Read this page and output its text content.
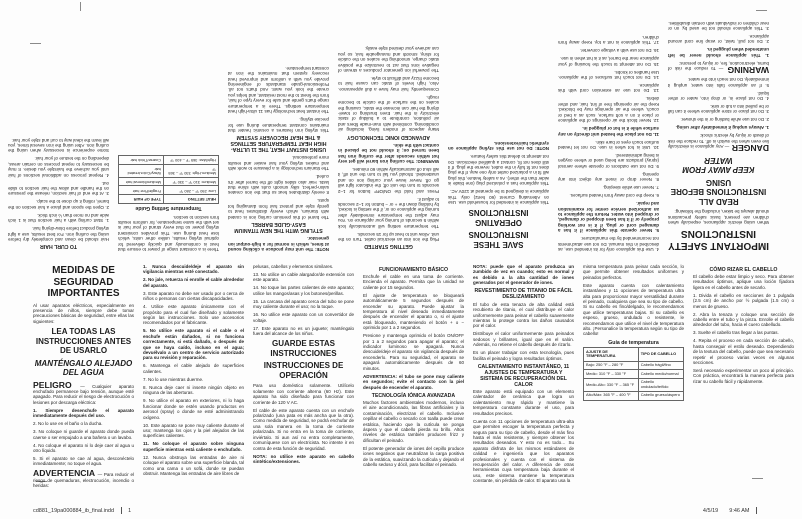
IMPORTANT SAFETY INSTRUCTIONS
When using electric appliances, especially when children are present, basic safety precautions should always be taken, including the following:
READ ALL INSTRUCTIONS BEFORE USING
KEEP AWAY FROM WATER
DANGER — Any appliance is electrically live even when the switch is off. To reduce the risk of death or injury by electric shock:
1. Always unplug it immediately after using.
2. Do not use while bathing or in the shower.
3. Do not place or store appliance where it can fall or be pulled into a tub or sink.
4. Do not place in, or drop into, water or other liquid.
5. If an appliance falls into water, unplug it immediately. Do not reach into the water.
WARNING — To reduce the risk of burns, electrocution, fire, or injury to persons:
1. This appliance should never be left unattended when plugged in.
2. Do not pull, twist, or wrap line cord around appliance.
3. This appliance should not be used by, on or near children or individuals with certain disabilities.
4. Use this appliance only for its intended use, as described in this manual. Do not use attachments not recommended by the manufacturer.
5. Never operate this appliance if it has a damaged cord or plug, if it is not working properly or if it has been dropped or damaged, or dropped into water. Return the appliance to an authorized service center for examination and repair.
6. Keep the cord away from heated surfaces.
7. Never use while sleeping.
8. Never drop or insert any object into any opening.
9. Do not use outdoors or operate where aerosol (spray) products are being used or where oxygen is being administered.
10. Unit is hot when in use. Do not let heated surface touch eyes or bare skin.
11. Do not place the heated unit directly on any surface while it is hot or plugged in.
12. Never block the air openings of the appliance or place it on a soft surface, such as a bed or couch, where the air openings may be blocked. Keep the air openings free of lint, hair, and other debris.
13. Do not use an extension cord with this appliance.
14. Do not touch hot surfaces of the appliance. Use handles or knobs.
15. Do not attempt to touch the housing of your appliance near the barrel, as it is hot when in use.
16. Do not use with a voltage converter.
17. This appliance is not a toy. Keep away from children.
SAVE THESE INSTRUCTIONS
OPERATING INSTRUCTIONS
This appliance is intended for household use. Use on Alternating Current (60 hertz) only. This appliance is designed to be operated at 120V AC.
This appliance has a polarized plug (one blade is wider than the other). As a safety feature, this plug will fit in a polarized outlet only one way. If the plug does not fit fully in the outlet, reverse the plug. If it still does not fit, contact a qualified electrician. Do not attempt to defeat this safety feature.
NOTE: Do not use this styling appliance on synthetic hair/extensions.
GETTING STARTED
Plug the iron into an electrical outlet. Turn on the unit. Allow unit to heat up for 15 seconds.
The temperature setting will automatically lock within 5 seconds of turning your appliance on. You may adjust the temperature immediately after turning the appliance on or, if the setting is locked, by holding down the + or − button for 1–2 seconds to adjust it.
Press and hold the ON/OFF button for 1–2 seconds to turn the unit off; the indicator light will go off. Never leave your curling iron on and unattended. Should you fail to turn the unit off, it will shut off automatically within 60 minutes.
WARNING: The curling iron barrel will get very hot within seconds after the curling iron has been turned on; it should not be placed in contact with the skin.
ADVANCED IONIC TECHNOLOGY
Many aspects of modern living, including air conditioning, combined with man-made fibers and air pollution, contribute to a buildup of static electricity in the hair. Even brushing or towel-drying the hair can increase the static, causing the scales on the surface of the cuticle to become rough.
Consequently, hair may have a dull appearance. Also, high levels of static can cause hair to become frizzy and difficult to style.
The powerful ion generator produces a stream of negative ions that act to neutralize the positive static charge, smoothing the scales on the cuticle for shiny, smooth and manageable hair, so you can achieve your desired style easily.
NOTE: The unit may produce a clicking sound at times, which is normal for a high-output ion generator.
STYLING WITH THE NEW TITANIUM EASY-GLIDE BARREL
The barrel of this premium curling iron is coated with titanium, which evenly distributes heat to gently style and protect hair from damaging hot spots.
It evenly distributes heat so that the iron creates salon-perfect, silky smooth curls with shine that lasts. Hair also slides right off the barrel after it's curled.
The titanium technology is a pleasure to work with and makes styling your hair easier and results more professional.
USING INSTANT HEAT, THE 11 ULTRA-HIGH HEAT TEMPERATURE SETTINGS & THE HEAT RECOVERY SYSTEM
This styling iron features a ceramic heater that maintains constant temperature during use for precise styling.
The instant heat technology has 11 ultra-high heat temperature settings. There is a temperature range that's gentle and safe for every type of hair, from the finest to the most resistant, and helps you create the look you want. And that's not all. Professional-grade standards of engineering provide you with a uniform and improved heat recovery system that maintains the iron at constant temperature.
There is a constant range of power to ensure that heat is continuously and quickly delivered for optimal styling results, unlike other units, which lose heat during use. This provides consistent styling power so that every strand of your hair is set with the same temperature, for uniform results from section to section.
Temperature Setting Guide
HEAT SETTING	TYPE OF HAIR
Low: 250 °F – 280 °F	Fragile/Fine hair
Medium: 310 °F – 330 °F	Medium/Normal hair
Medium-High: 330 °F – 365 °F	Wavy/Color-treated hair
High/Max: 365 °F – 400 °F	Coarse/Thick hair
TO CURL HAIR
Hair should be clean and completely dry before using the curling iron. For best results, use a light styling product before blow-drying hair.
1. Start curling with a hair section that is 1 inch wide and no more than ½ inch thick.
2. Open the spoon and place a hair section on the barrel, rolling it up close to the scalp.
3. At the end of hair section, release the pressure on the handle and allow the hair section to slide out.
4. Repeat process on additional sections of hair until you achieve the hairstyle you desire. It may be necessary to repeat process on certain areas, depending on the texture of your hair.
Some experience is necessary when using the curling iron. After using the iron several times, you will learn the ideal way to curl and style your hair.
MEDIDAS DE SEGURIDAD IMPORTANTES
Al usar aparatos eléctricos, especialmente en presencia de niños, siempre debe tomar precauciones básicas de seguridad, entre ellas las siguientes:
LEA TODAS LAS INSTRUCCIONES ANTES DE USARLO
MANTÉNGALO ALEJADO DEL AGUA
PELIGRO — Cualquier aparato enchufado permanece bajo tensión, aunque esté apagado. Para reducir el riesgo de electrocución o lesiones por descarga eléctrica:
1. Siempre desenchufe el aparato inmediatamente después del uso.
2. No lo use en el baño o la ducha.
3. No coloque ni guarde el aparato donde pueda caerse o ser empujado a una bañera o un lavabo.
4. No coloque el aparato ni lo deje caer al agua u otro líquido.
5. Si el aparato se cae al agua, desconéctelo inmediatamente; no toque el agua.
ADVERTENCIA — Para reducir el riesgo de quemaduras, electrocución, incendio o heridas:
1. Nunca descuide/deje el aparato sin vigilancia mientras esté conectado.
2. No jale, retuerza ni enrolle el cable alrededor del aparato.
3. Este aparato no debe ser usado por o cerca de niños o personas con ciertas discapacidades.
4. Utilice este aparato únicamente con el propósito para el cual fue diseñado y solamente según las instrucciones. Solo use accesorios recomendados por el fabricante.
5. No utilice este aparato si el cable o el enchufe están dañados, si no funciona correctamente, si está dañado, o después de que se haya caído, incluso en el agua; devuélvalo a un centro de servicio autorizado para su revisión y reparación.
6. Mantenga el cable alejado de superficies calientes.
7. No lo use mientras duerme.
8. Nunca deje caer ni inserte ningún objeto en ninguna de las aberturas.
9. No utilice el aparato en exteriores, ni lo haga funcionar donde se estén usando productos en aerosol (spray) o donde se esté administrando oxígeno.
10. Este aparato se pone muy caliente durante el uso; mantenga los ojos y la piel alejados de las superficies calientes.
11. No coloque el aparato sobre ninguna superficie mientras está caliente o enchufado.
12. Nunca obstruya las entradas de aire ni coloque el aparato sobre una superficie blanda, tal como una cama o un sofá, donde se puedan obstruir. Mantenga las entradas de aire libres de
pelusas, cabellos y elementos similares.
13. No utilice un cable alargador/de extensión con este aparato.
14. No toque las partes calientes de este aparato; utilice los mangos/asas y los botones/perillas.
15. La carcasa del aparato cerca del tubo se pone muy caliente durante el uso; no la toque.
16. No utilice este aparato con un convertidor de voltaje.
17. Este aparato no es un juguete; manténgalo fuera del alcance de los niños.
GUARDE ESTAS INSTRUCCIONES
INSTRUCCIONES DE OPERACIÓN
Para uso doméstico solamente. Utilícelo solamente con corriente alterna (60 Hz). Este aparato ha sido diseñado para funcionar con corriente de 120 V AC.
El cable de este aparato cuenta con un enchufe polarizado (una pata es más ancha que la otra). Como medida de seguridad, se podrá enchufar de una sola manera en la toma de corriente polarizada. Si no entra en la toma de corriente, inviértalo. Si aun así no entra completamente, comuníquese con un electricista. No intente ir en contra de esta función de seguridad.
NOTA: no utilice este aparato en cabello sintético/extensiones.
FUNCIONAMIENTO BÁSICO
Enchufe el cable en una toma de corriente. Encienda el aparato. Permita que la unidad se caliente por 15 segundos.
El ajuste de temperatura se bloqueará automáticamente 5 segundos después de encender su aparato. Puede ajustar la temperatura al nivel deseado inmediatamente después de encender el aparato o, si el ajuste está bloqueado, manteniendo el botón + o − oprimido por 1 a 2 segundos.
Presione y mantenga oprimido el botón ON/OFF por 1 a 2 segundos para apagar el aparato; el indicador luminoso se apagará. Nunca descuide/deje el aparato sin vigilancia después de encenderlo. Para su seguridad, el aparato se apagará automáticamente después de 60 minutos.
ADVERTENCIA: el tubo se pone muy caliente en segundos; evite el contacto con la piel después de encender el aparato.
TECNOLOGÍA IÓNICA AVANZADA
Muchos factores ambientales modernos, incluso el aire acondicionado, las fibras artificiales y la contaminación, electrizan el cabello. Inclusive cepillar el cabello o secarlo con toalla puede crear estática, haciendo que la cutícula se ponga áspera y que el cabello pierda su brillo. Altos niveles de estática también producen frizz y dificultan el peinado.
El potente generador de iones del cepillo produce iones negativos que neutralizan la carga positiva de la estática, suavizando la cutícula y dejando el cabello sedoso y dócil, para facilitar el peinado.
NOTA: puede que el aparato produzca un zumbido de vez en cuando; esto es normal y es debido a la alta cantidad de iones generados por el generador de iones.
REVESTIMIENTO DE TITANIO DE FÁCIL DESLIZAMIENTO
El tubo de esta tenaza de alta calidad está recubierto de titanio, el cual distribuye el calor uniformemente para peinar el cabello suavemente mientras lo protege contra los daños causados por el calor.
Distribuye el calor uniformemente para peinados sedosos y brillantes, igual que en el salón. Además, no retiene el cabello después de rizarlo.
Es un placer trabajar con esta tecnología, pues facilita el peinado y logra resultados óptimos.
CALENTAMIENTO INSTANTÁNEO, 11 AJUSTES DE TEMPERATURA Y SISTEMA DE RECUPERACIÓN DEL CALOR
Este aparato está equipado con un elemento calentador de cerámica que logra un calentamiento muy rápido y mantiene la temperatura constante durante el uso, para resultados precisos.
Cuenta con 11 opciones de temperatura ultra-alta que permiten escoger la temperatura perfecta y segura para su tipo de cabello, desde el más fino hasta el más resistente, y siempre obtener los resultados deseados. Y esto no es todo… Su aparato disfruta de los mismos estándares de calidad e ingeniería que los aparatos profesionales y cuenta con el sistema de recuperación del calor. A diferencia de otras herramientas cuya temperatura baja durante el uso, este sistema mantiene la temperatura constante, sin pérdida de calor. El aparato usa la
misma temperatura para peinar cada sección, lo que permite obtener resultados uniformes y peinados perfectos.
Este aparato cuenta con calentamiento instantáneo y 11 opciones de temperatura ultra alta para proporcionar mayor versatilidad durante el peinado, cualquiera que sea su tipo de cabello. Si su cabello es fino/delgado, le recomendamos que utilice temperaturas bajas. Si su cabello es espeso, grueso, ondulado o resistente, le recomendamos que utilice el nivel de temperatura alto. ¡Personalice la temperatura según su tipo de cabello!
Guía de temperatura
AJUSTE DE TEMPERATURA	TIPO DE CABELLO
Bajo: 250 °F – 280 °F	Cabello frágil/fino
Medio: 310 °F – 330 °F	Cabello medio/normal
Medio-Alto: 330 °F – 365 °F	Cabello ondulado/teñido
Alto/Máx: 365 °F – 400 °F	Cabello grueso/áspero
CÓMO RIZAR EL CABELLO
El cabello debe estar limpio y seco. Para obtener resultados óptimos, aplique una loción fijadora ligera en el cabello antes de secarlo.
1. Divida el cabello en secciones de 1 pulgada (2.5 cm) de ancho por ½ pulgada (1.5 cm) o menos de grueso.
2. Abra la tenaza y coloque una sección de cabello entre el tubo y la pinza. Enrolle el cabello alrededor del tubo, hacia el cuero cabelludo.
3. Suelte el cabello tras llegar a las puntas.
4. Repita el proceso en cada sección de cabello, hasta conseguir el estilo deseado. Dependiendo de la textura del cabello, puede que sea necesario repetir el proceso varias veces en algunas secciones.
Será necesario experimentar un poco al principio. Con práctica, encontrará la manera perfecta para rizar su cabello fácil y rápidamente.
cd881_19pa000884_ib_final.indd	1	4/5/19 9:46 AM
